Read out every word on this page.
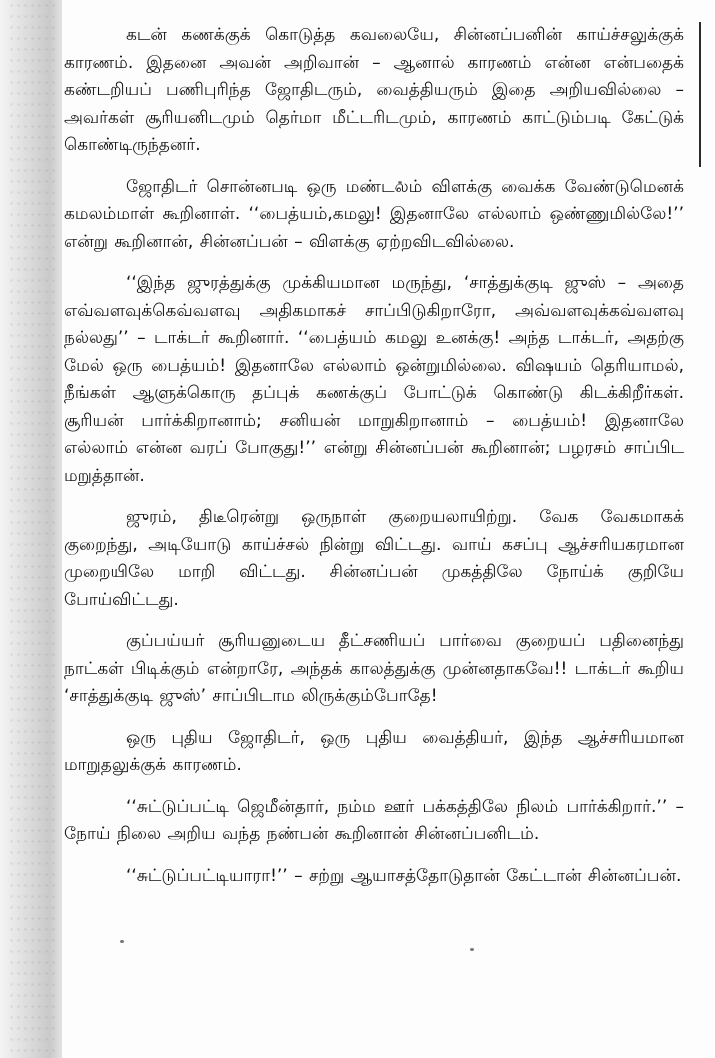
கடன் கணக்குக் கொடுத்த கவலையே, சின்னப்பனின் காய்ச்சலுக்குக் காரணம். இதனை அவன் அறிவான் – ஆனால் காரணம் என்ன என்பதைக் கண்டறியப் பணிபுரிந்த ஜோதிடரும், வைத்தியரும் இதை அறியவில்லை – அவர்கள் சூரியனிடமும் தெர்மா மீட்டரிடமும், காரணம் காட்டும்படி கேட்டுக் கொண்டிருந்தனர்.

ஜோதிடர் சொன்னபடி ஒரு மண்டலம் விளக்கு வைக்க வேண்டுமெனக் கமலம்மாள் கூறினாள். ‘‘பைத்யம்,கமலு! இதனாலே எல்லாம் ஒண்ணுமில்லே!’’ என்று கூறினான், சின்னப்பன் – விளக்கு ஏற்றவிடவில்லை.

‘‘இந்த ஜுரத்துக்கு முக்கியமான மருந்து, ‘சாத்துக்குடி ஜுஸ் – அதை எவ்வளவுக்கெவ்வளவு அதிகமாகச் சாப்பிடுகிறாரோ, அவ்வளவுக்கவ்வளவு நல்லது’’ – டாக்டர் கூறினார். ‘‘பைத்யம் கமலு உனக்கு! அந்த டாக்டர், அதற்கு மேல் ஒரு பைத்யம்! இதனாலே எல்லாம் ஒன்றுமில்லை. விஷயம் தெரியாமல், நீங்கள் ஆளுக்கொரு தப்புக் கணக்குப் போட்டுக் கொண்டு கிடக்கிறீர்கள். சூரியன் பார்க்கிறானாம்; சனியன் மாறுகிறானாம் – பைத்யம்! இதனாலே எல்லாம் என்ன வரப் போகுது!’’ என்று சின்னப்பன் கூறினான்; பழரசம் சாப்பிட மறுத்தான்.

ஜுரம், திடீரென்று ஒருநாள் குறையலாயிற்று. வேக வேகமாகக் குறைந்து, அடியோடு காய்ச்சல் நின்று விட்டது. வாய் கசப்பு ஆச்சரியகரமான முறையிலே மாறி விட்டது. சின்னப்பன் முகத்திலே நோய்க் குறியே போய்விட்டது.

குப்பய்யர் சூரியனுடைய தீட்சணியப் பார்வை குறையப் பதினைந்து நாட்கள் பிடிக்கும் என்றாரே, அந்தக் காலத்துக்கு முன்னதாகவே!! டாக்டர் கூறிய ‘சாத்துக்குடி ஜுஸ்’ சாப்பிடாம லிருக்கும்போதே!

ஒரு புதிய ஜோதிடர், ஒரு புதிய வைத்தியர், இந்த ஆச்சரியமான மாறுதலுக்குக் காரணம்.

‘‘சுட்டுப்பட்டி ஜெமீன்தார், நம்ம ஊர் பக்கத்திலே நிலம் பார்க்கிறார்.’’ – நோய் நிலை அறிய வந்த நண்பன் கூறினான் சின்னப்பனிடம்.

‘‘சுட்டுப்பட்டியாரா!’’ – சற்று ஆயாசத்தோடுதான் கேட்டான் சின்னப்பன்.
